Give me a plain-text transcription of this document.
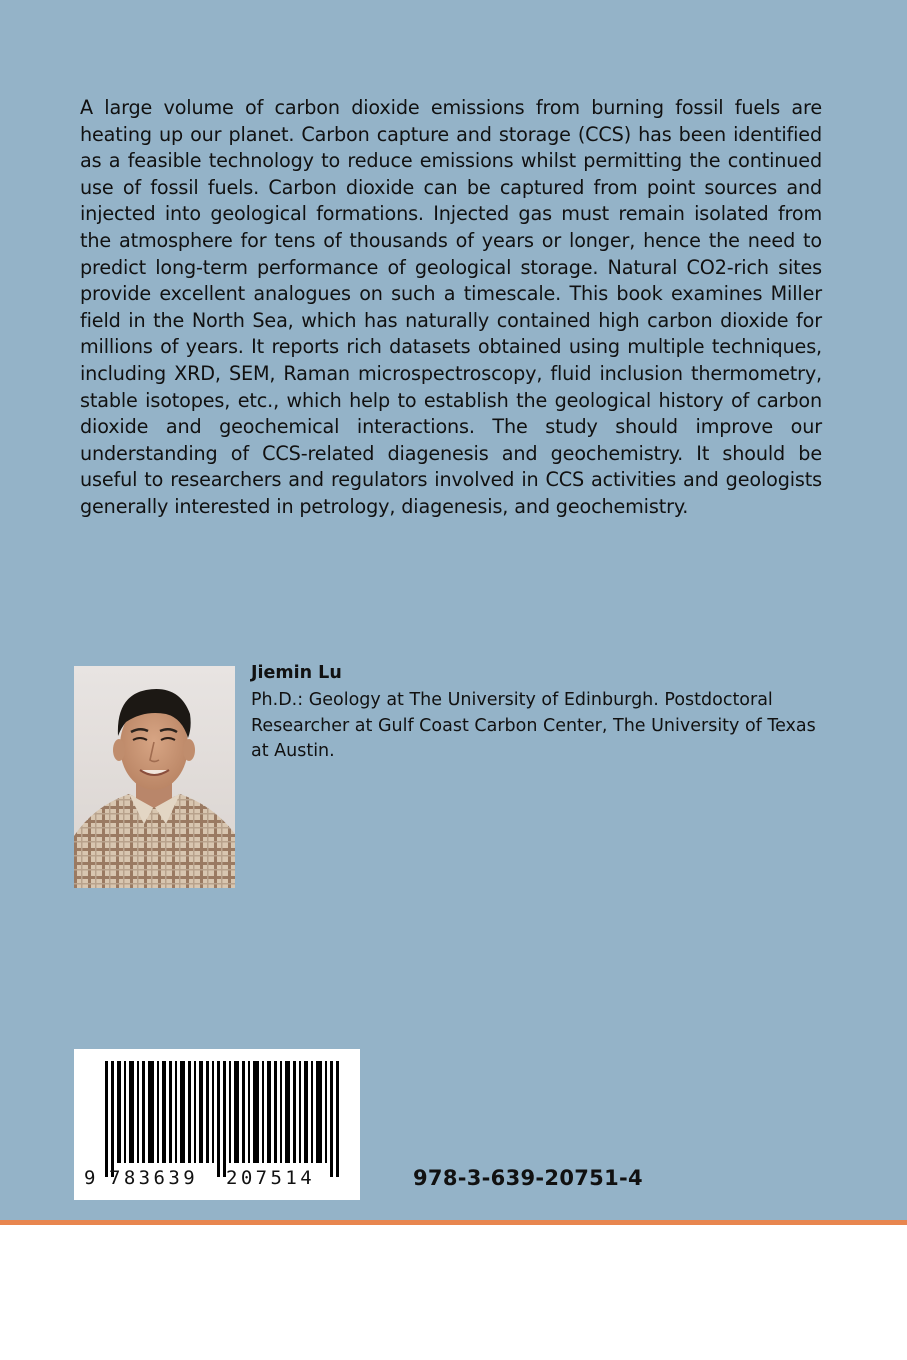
A large volume of carbon dioxide emissions from burning fossil fuels are heating up our planet. Carbon capture and storage (CCS) has been identified as a feasible technology to reduce emissions whilst permitting the continued use of fossil fuels. Carbon dioxide can be captured from point sources and injected into geological formations. Injected gas must remain isolated from the atmosphere for tens of thousands of years or longer, hence the need to predict long-term performance of geological storage. Natural CO2-rich sites provide excellent analogues on such a timescale. This book examines Miller field in the North Sea, which has naturally contained high carbon dioxide for millions of years. It reports rich datasets obtained using multiple techniques, including XRD, SEM, Raman microspectroscopy, fluid inclusion thermometry, stable isotopes, etc., which help to establish the geological history of carbon dioxide and geochemical interactions. The study should improve our understanding of CCS-related diagenesis and geochemistry. It should be useful to researchers and regulators involved in CCS activities and geologists generally interested in petrology, diagenesis, and geochemistry.

Jiemin Lu

Ph.D.: Geology at The University of Edinburgh. Postdoctoral Researcher at Gulf Coast Carbon Center, The University of Texas at Austin.

9 783639 207514	978-3-639-20751-4
